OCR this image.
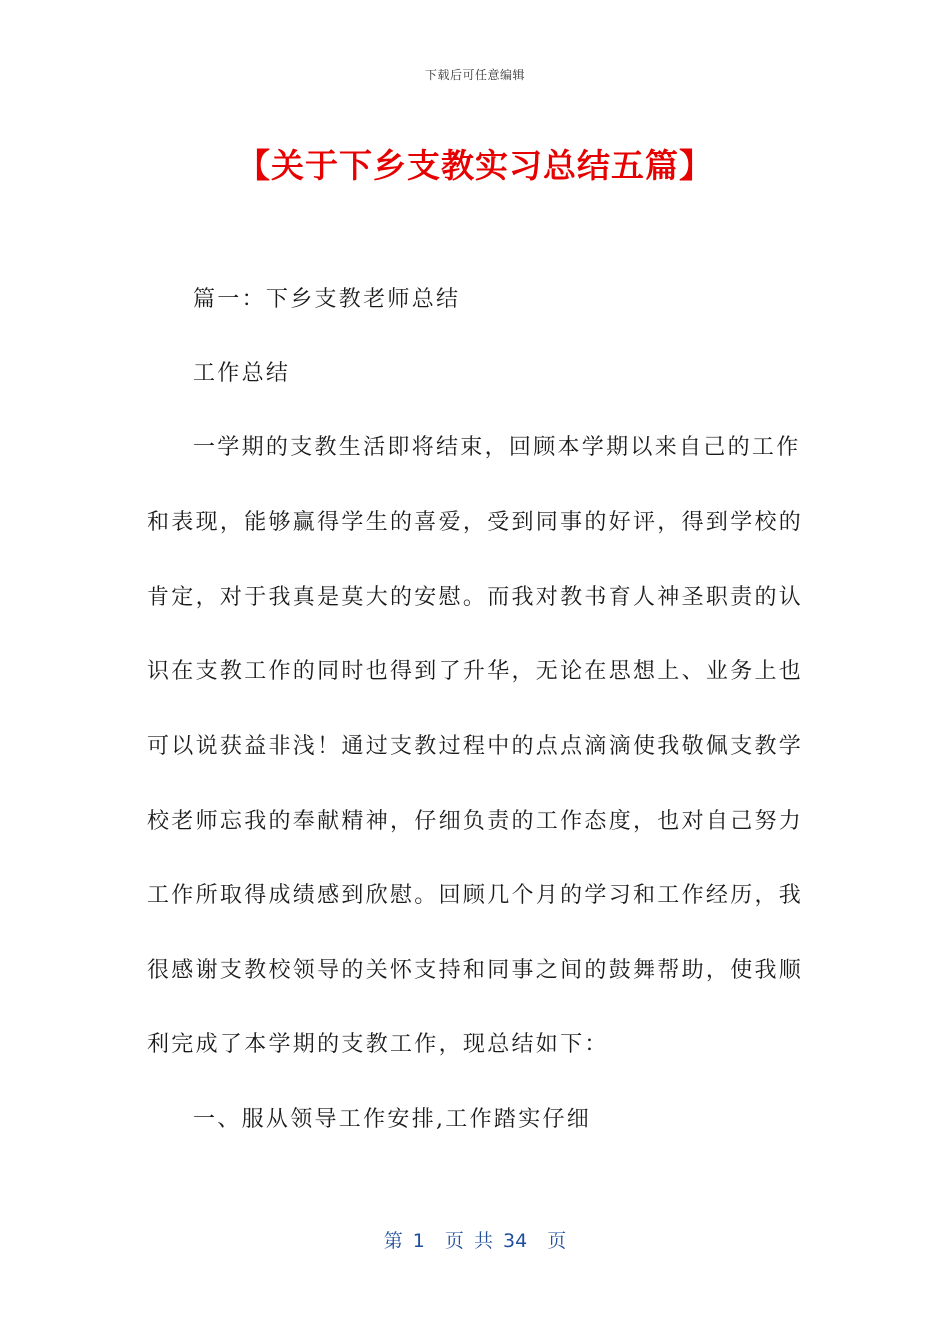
下载后可任意编辑
【关于下乡支教实习总结五篇】
篇一：下乡支教老师总结
工作总结
一学期的支教生活即将结束，回顾本学期以来自己的工作
和表现，能够赢得学生的喜爱，受到同事的好评，得到学校的
肯定，对于我真是莫大的安慰。而我对教书育人神圣职责的认
识在支教工作的同时也得到了升华，无论在思想上、业务上也
可以说获益非浅！通过支教过程中的点点滴滴使我敬佩支教学
校老师忘我的奉献精神，仔细负责的工作态度，也对自己努力
工作所取得成绩感到欣慰。回顾几个月的学习和工作经历，我
很感谢支教校领导的关怀支持和同事之间的鼓舞帮助，使我顺
利完成了本学期的支教工作，现总结如下：
一、服从领导工作安排,工作踏实仔细
第 1  页 共 34  页
